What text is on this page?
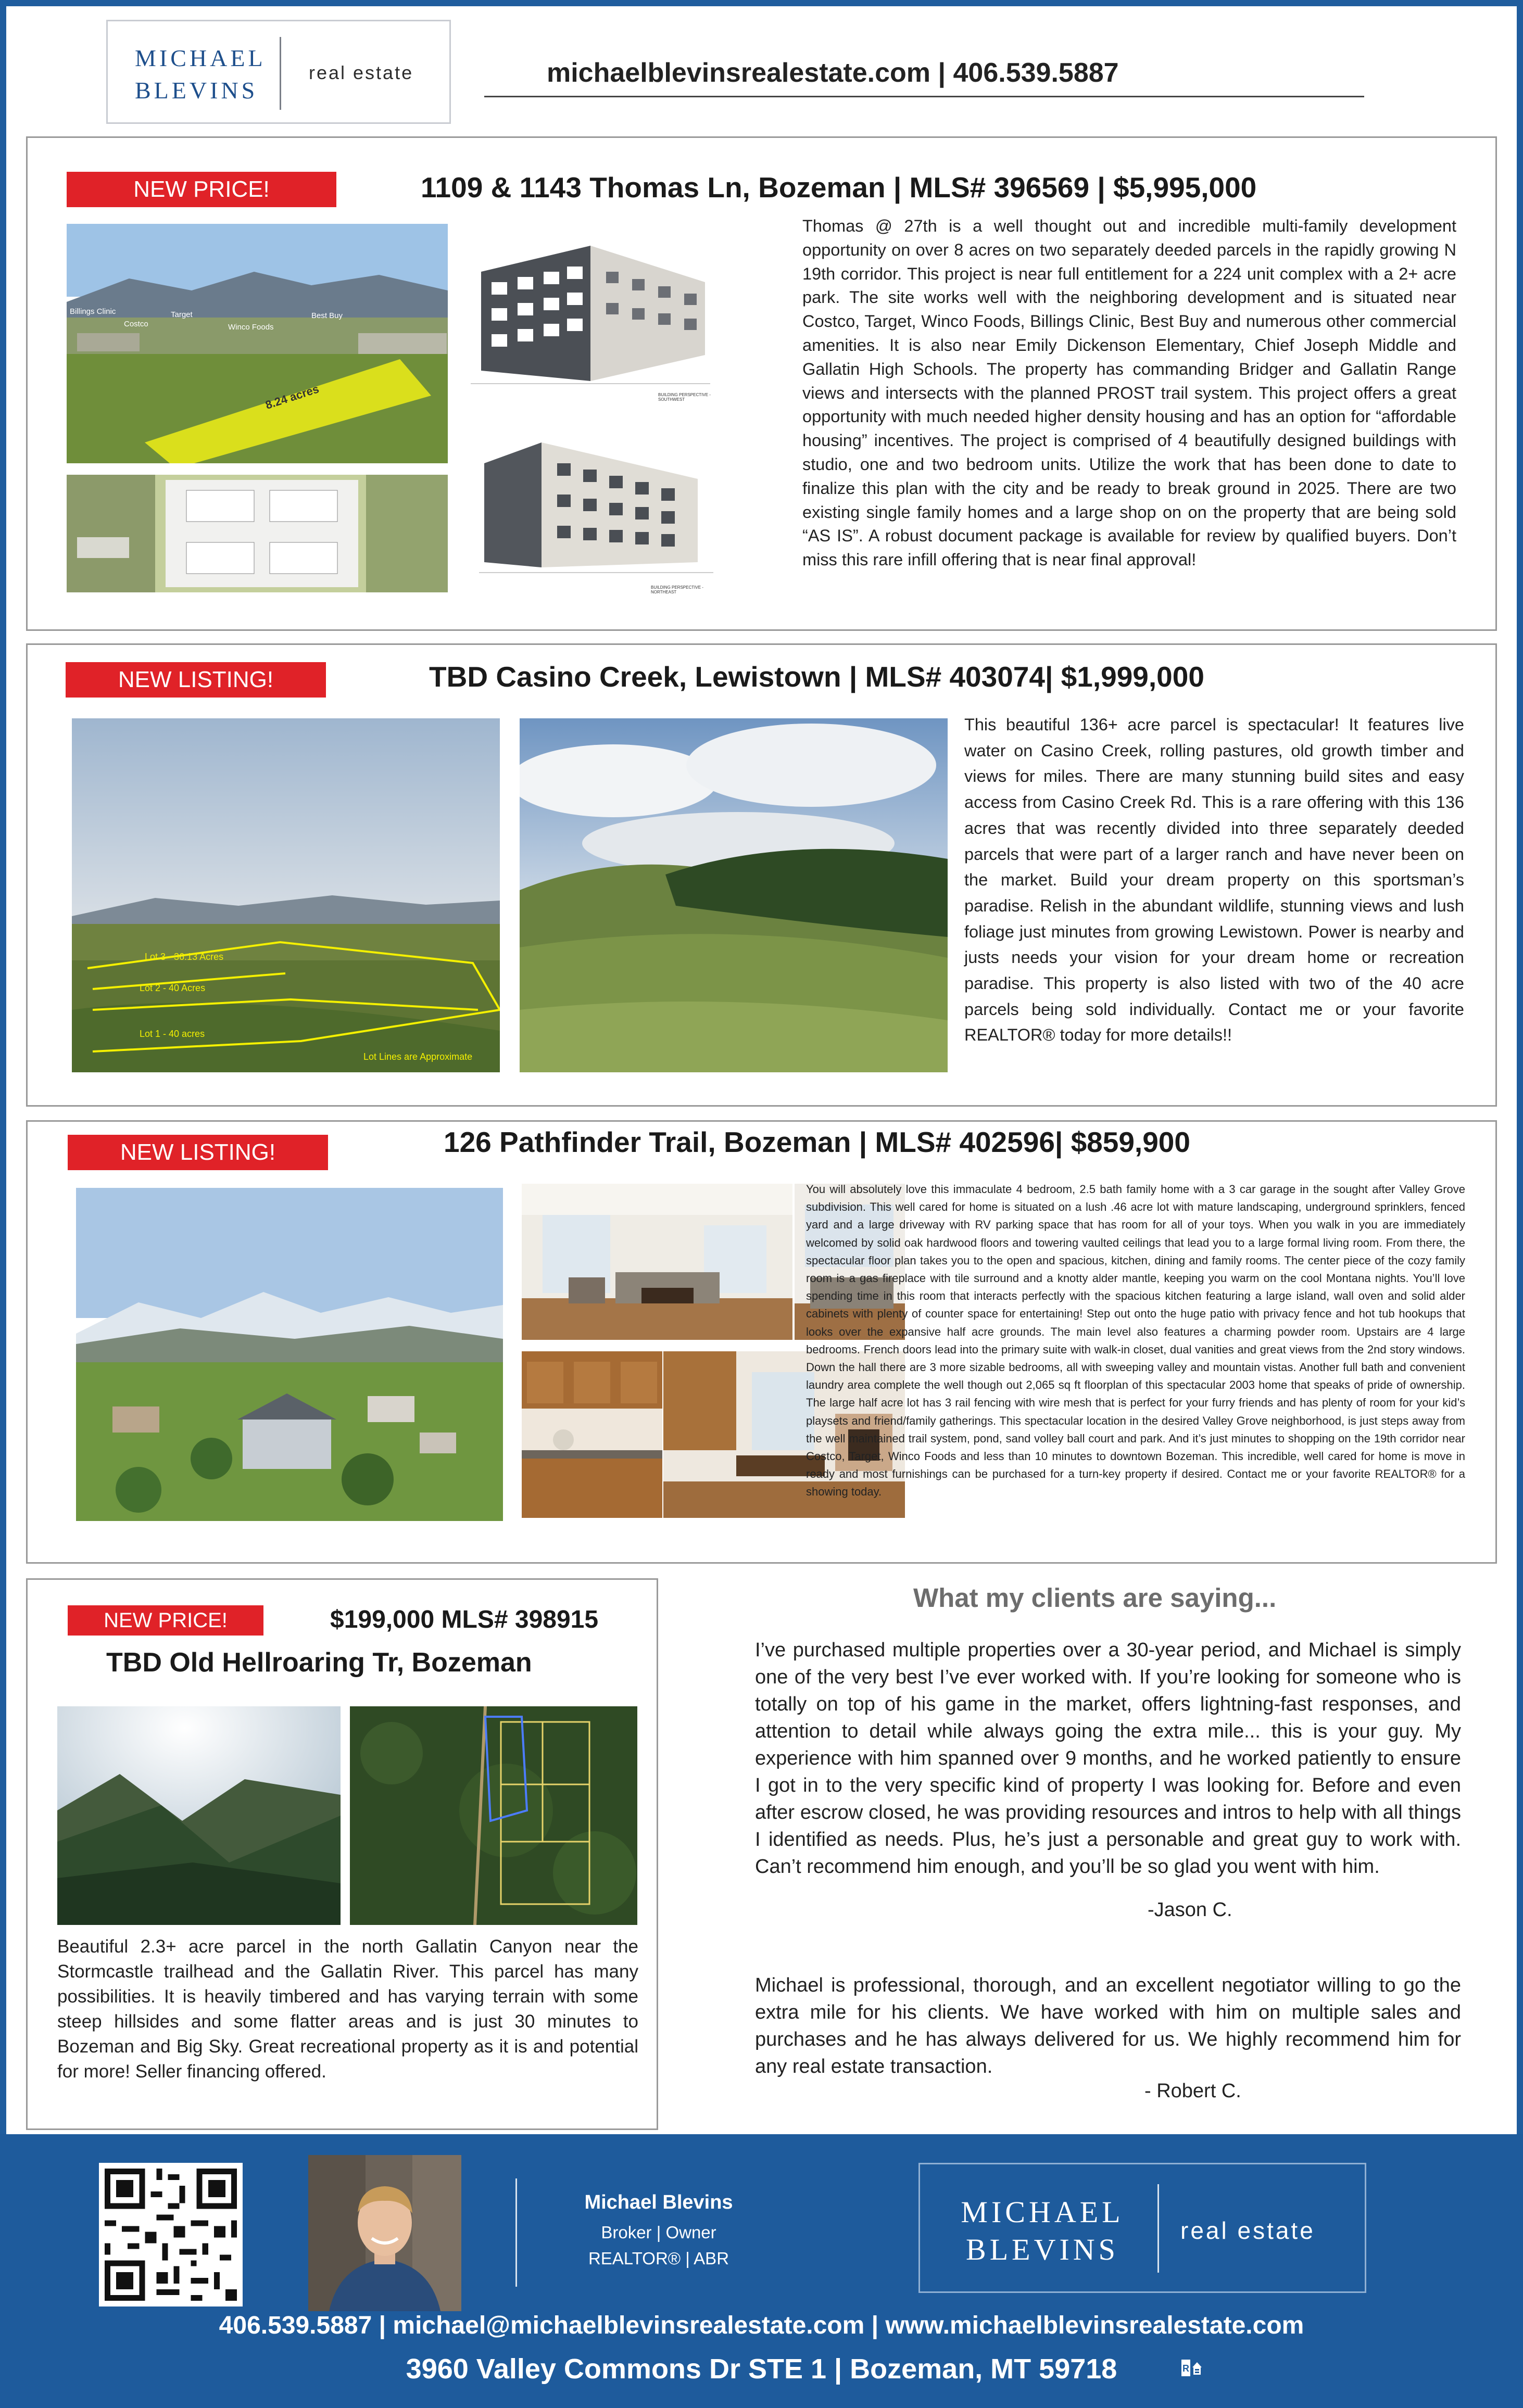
MICHAEL
BLEVINS
real estate	michaelblevinsrealestate.com | 406.539.5887
NEW PRICE!	1109 & 1143 Thomas Ln, Bozeman | MLS# 396569 | $5,995,000
Billings Clinic
Costco
Target	Best Buy
Winco Foods
8.24 acres	BUILDING PERSPECTIVE - SOUTHWEST
BUILDING PERSPECTIVE - NORTHEAST
Thomas @ 27th is a well thought out and incredible multi-family development opportunity on over 8 acres on two separately deeded parcels in the rapidly growing N 19th corridor. This project is near full entitlement for a 224 unit complex with a 2+ acre park. The site works well with the neighboring development and is situated near Costco, Target, Winco Foods, Billings Clinic, Best Buy and numerous other commercial amenities. It is also near Emily Dickenson Elementary, Chief Joseph Middle and Gallatin High Schools. The property has commanding Bridger and Gallatin Range views and intersects with the planned PROST trail system. This project offers a great opportunity with much needed higher density housing and has an option for “affordable housing” incentives. The project is comprised of 4 beautifully designed buildings with studio, one and two bedroom units. Utilize the work that has been done to date to finalize this plan with the city and be ready to break ground in 2025. There are two existing single family homes and a large shop on on the property that are being sold “AS IS”. A robust document package is available for review by qualified buyers. Don’t miss this rare infill offering that is near final approval!
NEW LISTING!	TBD Casino Creek, Lewistown | MLS# 403074| $1,999,000
Lot 3 - 36.13 Acres
Lot 2 - 40 Acres
Lot 1 - 40 acres
Lot Lines are Approximate
This beautiful 136+ acre parcel is spectacular! It features live water on Casino Creek, rolling pastures, old growth timber and views for miles. There are many stunning build sites and easy access from Casino Creek Rd. This is a rare offering with this 136 acres that was recently divided into three separately deeded parcels that were part of a larger ranch and have never been on the market. Build your dream property on this sportsman’s paradise. Relish in the abundant wildlife, stunning views and lush foliage just minutes from growing Lewistown. Power is nearby and justs needs your vision for your dream home or recreation paradise. This property is also listed with two of the 40 acre parcels being sold individually. Contact me or your favorite REALTOR® today for more details!!
NEW LISTING!	126 Pathfinder Trail, Bozeman | MLS# 402596| $859,900
You will absolutely love this immaculate 4 bedroom, 2.5 bath family home with a 3 car garage in the sought after Valley Grove subdivision. This well cared for home is situated on a lush .46 acre lot with mature landscaping, underground sprinklers, fenced yard and a large driveway with RV parking space that has room for all of your toys. When you walk in you are immediately welcomed by solid oak hardwood floors and towering vaulted ceilings that lead you to a large formal living room. From there, the spectacular floor plan takes you to the open and spacious, kitchen, dining and family rooms. The center piece of the cozy family room is a gas fireplace with tile surround and a knotty alder mantle, keeping you warm on the cool Montana nights. You’ll love spending time in this room that interacts perfectly with the spacious kitchen featuring a large island, wall oven and solid alder cabinets with plenty of counter space for entertaining! Step out onto the huge patio with privacy fence and hot tub hookups that looks over the expansive half acre grounds. The main level also features a charming powder room. Upstairs are 4 large bedrooms. French doors lead into the primary suite with walk-in closet, dual vanities and great views from the 2nd story windows. Down the hall there are 3 more sizable bedrooms, all with sweeping valley and mountain vistas. Another full bath and convenient laundry area complete the well though out 2,065 sq ft floorplan of this spectacular 2003 home that speaks of pride of ownership. The large half acre lot has 3 rail fencing with wire mesh that is perfect for your furry friends and has plenty of room for your kid’s playsets and friend/family gatherings. This spectacular location in the desired Valley Grove neighborhood, is just steps away from the well maintained trail system, pond, sand volley ball court and park. And it’s just minutes to shopping on the 19th corridor near Costco, Target, Winco Foods and less than 10 minutes to downtown Bozeman. This incredible, well cared for home is move in ready and most furnishings can be purchased for a turn-key property if desired. Contact me or your favorite REALTOR® for a showing today.
NEW PRICE!	$199,000 MLS# 398915
TBD Old Hellroaring Tr, Bozeman
Beautiful 2.3+ acre parcel in the north Gallatin Canyon near the Stormcastle trailhead and the Gallatin River. This parcel has many possibilities. It is heavily timbered and has varying terrain with some steep hillsides and some flatter areas and is just 30 minutes to Bozeman and Big Sky. Great recreational property as it is and potential for more! Seller financing offered.
What my clients are saying...
I’ve purchased multiple properties over a 30-year period, and Michael is simply one of the very best I’ve ever worked with. If you’re looking for someone who is totally on top of his game in the market, offers lightning-fast responses, and attention to detail while always going the extra mile... this is your guy. My experience with him spanned over 9 months, and he worked patiently to ensure I got in to the very specific kind of property I was looking for. Before and even after escrow closed, he was providing resources and intros to help with all things I identified as needs. Plus, he’s just a personable and great guy to work with. Can’t recommend him enough, and you’ll be so glad you went with him.
-Jason C.
Michael is professional, thorough, and an excellent negotiator willing to go the extra mile for his clients. We have worked with him on multiple sales and purchases and he has always delivered for us. We highly recommend him for any real estate transaction.
- Robert C.
Michael Blevins
Broker | Owner
REALTOR® | ABR
MICHAEL
BLEVINS
real estate
406.539.5887 | michael@michaelblevinsrealestate.com | www.michaelblevinsrealestate.com
3960 Valley Commons Dr STE 1 | Bozeman, MT 59718	R
